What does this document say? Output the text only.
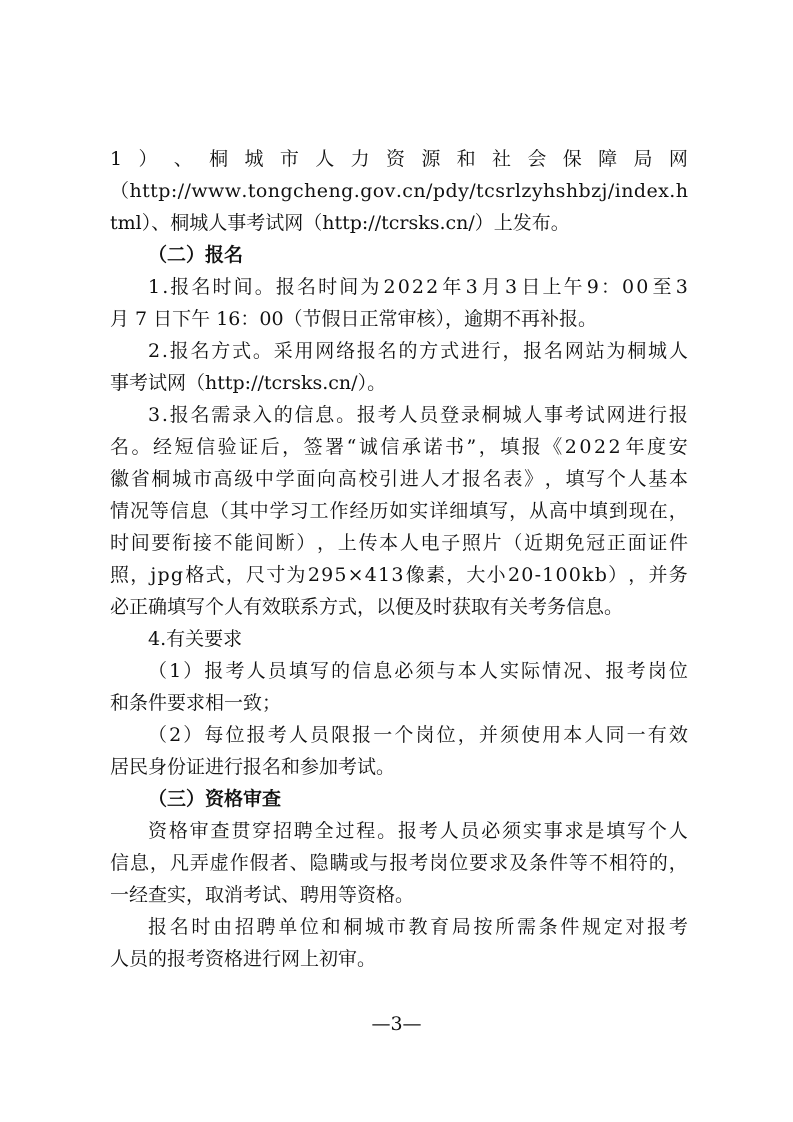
1 ） 、 桐 城 市 人 力 资 源 和 社 会 保 障 局 网
（ h t t p : / / w w w . t o n g c h e n g . g o v . c n / p d y / t c s r l z y h s h b z j / i n d e x . h
tml）、桐城人事考试网（http://tcrsks.cn/）上发布。
（二）报名
1 . 报 名 时 间 。 报 名 时 间 为 2 0 2 2 年 3 月 3 日 上 午 9 ： 0 0 至 3
月 7 日下午 16：00（节假日正常审核），逾期不再补报。
2 . 报 名 方 式 。 采 用 网 络 报 名 的 方 式 进 行 ， 报 名 网 站 为 桐 城 人
事考试网（http://tcrsks.cn/）。
3 . 报 名 需 录 入 的 信 息 。 报 考 人 员 登 录 桐 城 人 事 考 试 网 进 行 报
名 。 经 短 信 验 证 后 ， 签 署 “ 诚 信 承 诺 书 ” ， 填 报 《 2 0 2 2 年 度 安
徽 省 桐 城 市 高 级 中 学 面 向 高 校 引 进 人 才 报 名 表 》 ， 填 写 个 人 基 本
情 况 等 信 息 （ 其 中 学 习 工 作 经 历 如 实 详 细 填 写 ， 从 高 中 填 到 现 在 ，
时 间 要 衔 接 不 能 间 断 ） ， 上 传 本 人 电 子 照 片 （ 近 期 免 冠 正 面 证 件
照 ， j p g 格 式 ， 尺 寸 为 2 9 5 × 4 1 3 像 素 ， 大 小 2 0 - 1 0 0 k b ） ， 并 务
必正确填写个人有效联系方式，以便及时获取有关考务信息。
4.有关要求
（ 1 ） 报 考 人 员 填 写 的 信 息 必 须 与 本 人 实 际 情 况 、 报 考 岗 位
和条件要求相一致；
（ 2 ） 每 位 报 考 人 员 限 报 一 个 岗 位 ， 并 须 使 用 本 人 同 一 有 效
居民身份证进行报名和参加考试。
（三）资格审查
资 格 审 查 贯 穿 招 聘 全 过 程 。 报 考 人 员 必 须 实 事 求 是 填 写 个 人
信 息 ， 凡 弄 虚 作 假 者 、 隐 瞒 或 与 报 考 岗 位 要 求 及 条 件 等 不 相 符 的 ，
一经查实，取消考试、聘用等资格。
报 名 时 由 招 聘 单 位 和 桐 城 市 教 育 局 按 所 需 条 件 规 定 对 报 考
人员的报考资格进行网上初审。
—3—
